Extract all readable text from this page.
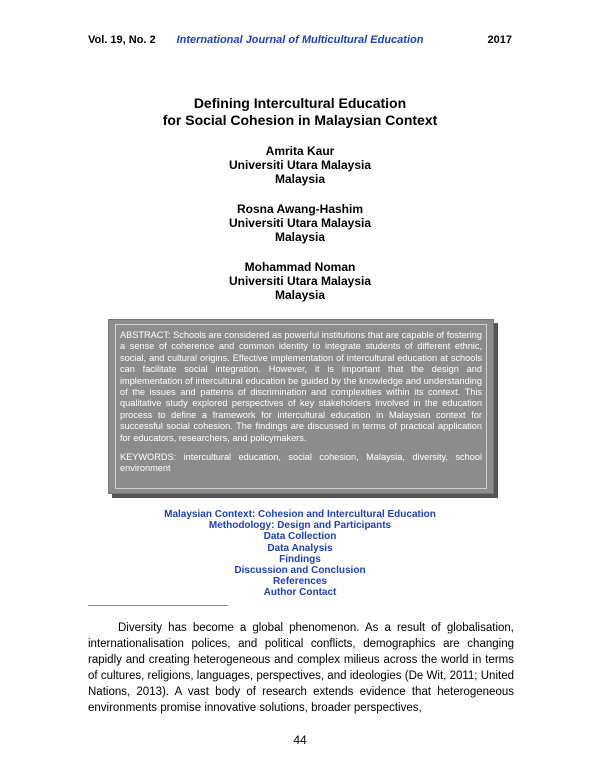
Vol. 19, No. 2	International Journal of Multicultural Education	2017
Defining Intercultural Education
for Social Cohesion in Malaysian Context
Amrita Kaur
Universiti Utara Malaysia
Malaysia
Rosna Awang-Hashim
Universiti Utara Malaysia
Malaysia
Mohammad Noman
Universiti Utara Malaysia
Malaysia

ABSTRACT: Schools are considered as powerful institutions that are capable of fostering a sense of coherence and common identity to integrate students of different ethnic, social, and cultural origins. Effective implementation of intercultural education at schools can facilitate social integration. However, it is important that the design and implementation of intercultural education be guided by the knowledge and understanding of the issues and patterns of discrimination and complexities within its context. This qualitative study explored perspectives of key stakeholders involved in the education process to define a framework for intercultural education in Malaysian context for successful social cohesion. The findings are discussed in terms of practical application for educators, researchers, and policymakers.

KEYWORDS: intercultural education, social cohesion, Malaysia, diversity, school environment

Malaysian Context: Cohesion and Intercultural Education
Methodology: Design and Participants
Data Collection
Data Analysis
Findings
Discussion and Conclusion
References
Author Contact

Diversity has become a global phenomenon. As a result of globalisation, internationalisation polices, and political conflicts, demographics are changing rapidly and creating heterogeneous and complex milieus across the world in terms of cultures, religions, languages, perspectives, and ideologies (De Wit, 2011; United Nations, 2013). A vast body of research extends evidence that heterogeneous environments promise innovative solutions, broader perspectives,

44
